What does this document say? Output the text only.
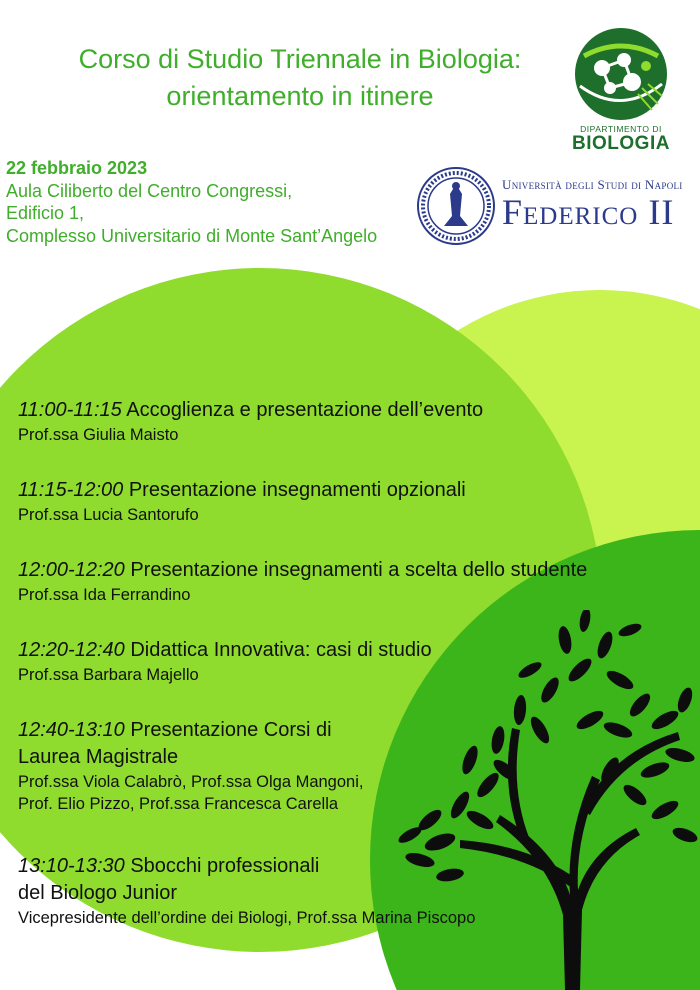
Corso di Studio Triennale in Biologia:
orientamento in itinere
22 febbraio 2023
Aula Ciliberto del Centro Congressi,
Edificio 1,
Complesso Universitario di Monte Sant’Angelo
DIPARTIMENTO DI
BIOLOGIA
Università degli Studi di Napoli
Federico II
11:00-11:15 Accoglienza e presentazione dell’evento
Prof.ssa Giulia Maisto
11:15-12:00 Presentazione insegnamenti opzionali
Prof.ssa Lucia Santorufo
12:00-12:20 Presentazione insegnamenti a scelta dello studente
Prof.ssa Ida Ferrandino
12:20-12:40 Didattica Innovativa: casi di studio
Prof.ssa Barbara Majello
12:40-13:10 Presentazione Corsi di
Laurea Magistrale
Prof.ssa Viola Calabrò, Prof.ssa Olga Mangoni,
Prof. Elio Pizzo, Prof.ssa Francesca Carella
13:10-13:30 Sbocchi professionali
del Biologo Junior
Vicepresidente dell’ordine dei Biologi, Prof.ssa Marina Piscopo
